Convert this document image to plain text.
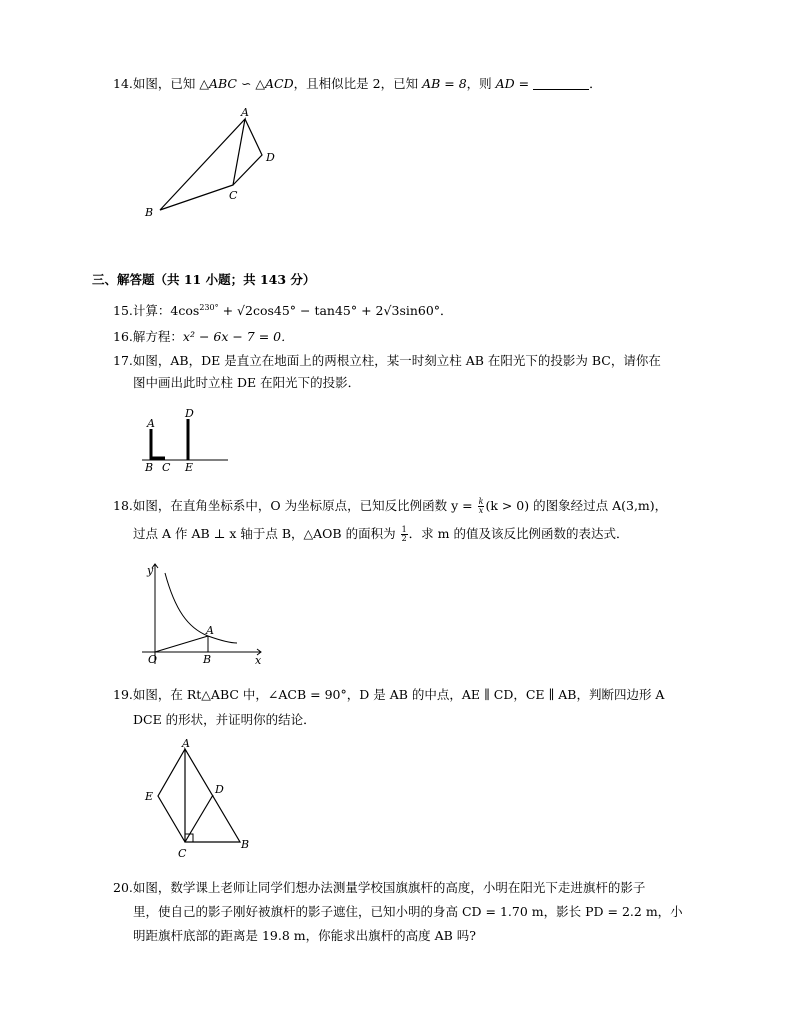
14.如图，已知 △ABC ∽ △ACD，且相似比是 2，已知 AB = 8，则 AD =	．
A
B
C
D
三、解答题（共 11 小题；共 143 分）
15.计算：$4\cos^{230^\circ} + √2\cos 45^\circ - \tan 45^\circ + 2√3\sin 60^\circ$．
16.解方程：x² − 6x − 7 = 0．
17.如图，AB，DE 是直立在地面上的两根立柱，某一时刻立柱 AB 在阳光下的投影为 BC，请你在
图中画出此时立柱 DE 在阳光下的投影．
A
B C
D
E
18.如图，在直角坐标系中，O 为坐标原点，已知反比例函数 $y = \frac{k}{x} (k > 0)$ 的图象经过点 A(3,m)，
过点 A 作 AB ⊥ x 轴于点 B，△AOB 的面积为 $\frac{1}{2}$ ．求 m 的值及该反比例函数的表达式．
y
x
O
A
B
19.如图，在 Rt△ABC 中，∠ACB = 90°，D 是 AB 的中点，AE ∥ CD，CE ∥ AB，判断四边形 A
DCE 的形状，并证明你的结论．
A
E
D
C
B
20.如图，数学课上老师让同学们想办法测量学校国旗旗杆的高度，小明在阳光下走进旗杆的影子
里，使自己的影子刚好被旗杆的影子遮住，已知小明的身高 CD = 1.70 m，影长 PD = 2.2 m，小
明距旗杆底部的距离是 19.8 m，你能求出旗杆的高度 AB 吗?
